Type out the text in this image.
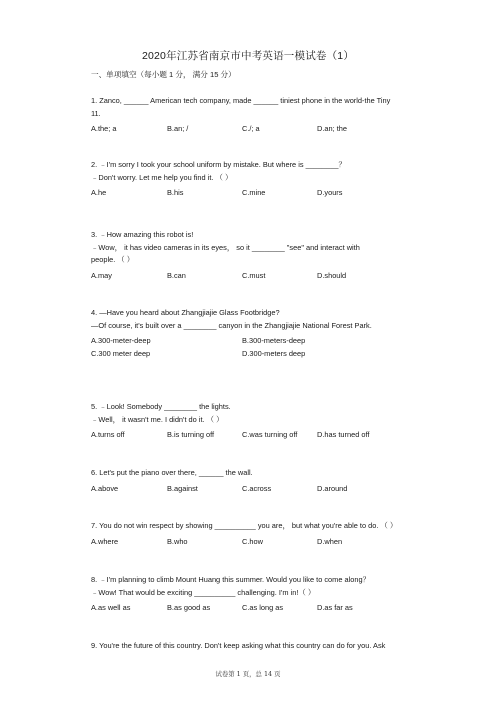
2020年江苏省南京市中考英语一模试卷（1）
一、单项填空（每小题 1 分， 满分 15 分）
1. Zanco, ______ American tech company, made ______ tiniest phone in the world-the Tiny
11.
A.the; a	B.an; /	C./; a	D.an; the
2. ﹣I'm sorry I took your school uniform by mistake. But where is ________？
﹣Don't worry. Let me help you find it. （ ）
A.he	B.his	C.mine	D.yours
3. ﹣How amazing this robot is!
﹣Wow， it has video cameras in its eyes， so it ________ "see" and interact with
people. （ ）
A.may	B.can	C.must	D.should
4. —Have you heard about Zhangjiajie Glass Footbridge?
—Of course, it's built over a ________ canyon in the Zhangjiajie National Forest Park.
A.300-meter-deep	B.300-meters-deep
C.300 meter deep	D.300-meters deep
5. ﹣Look! Somebody ________ the lights.
﹣Well， it wasn't me. I didn't do it. （ ）
A.turns off	B.is turning off	C.was turning off	D.has turned off
6. Let's put the piano over there, ______ the wall.
A.above	B.against	C.across	D.around
7. You do not win respect by showing __________ you are， but what you're able to do. （ ）
A.where	B.who	C.how	D.when
8. ﹣I'm planning to climb Mount Huang this summer. Would you like to come along？
﹣Wow! That would be exciting __________ challenging. I'm in!（ ）
A.as well as	B.as good as	C.as long as	D.as far as
9. You're the future of this country. Don't keep asking what this country can do for you. Ask
试卷第 1 页，总 14 页
